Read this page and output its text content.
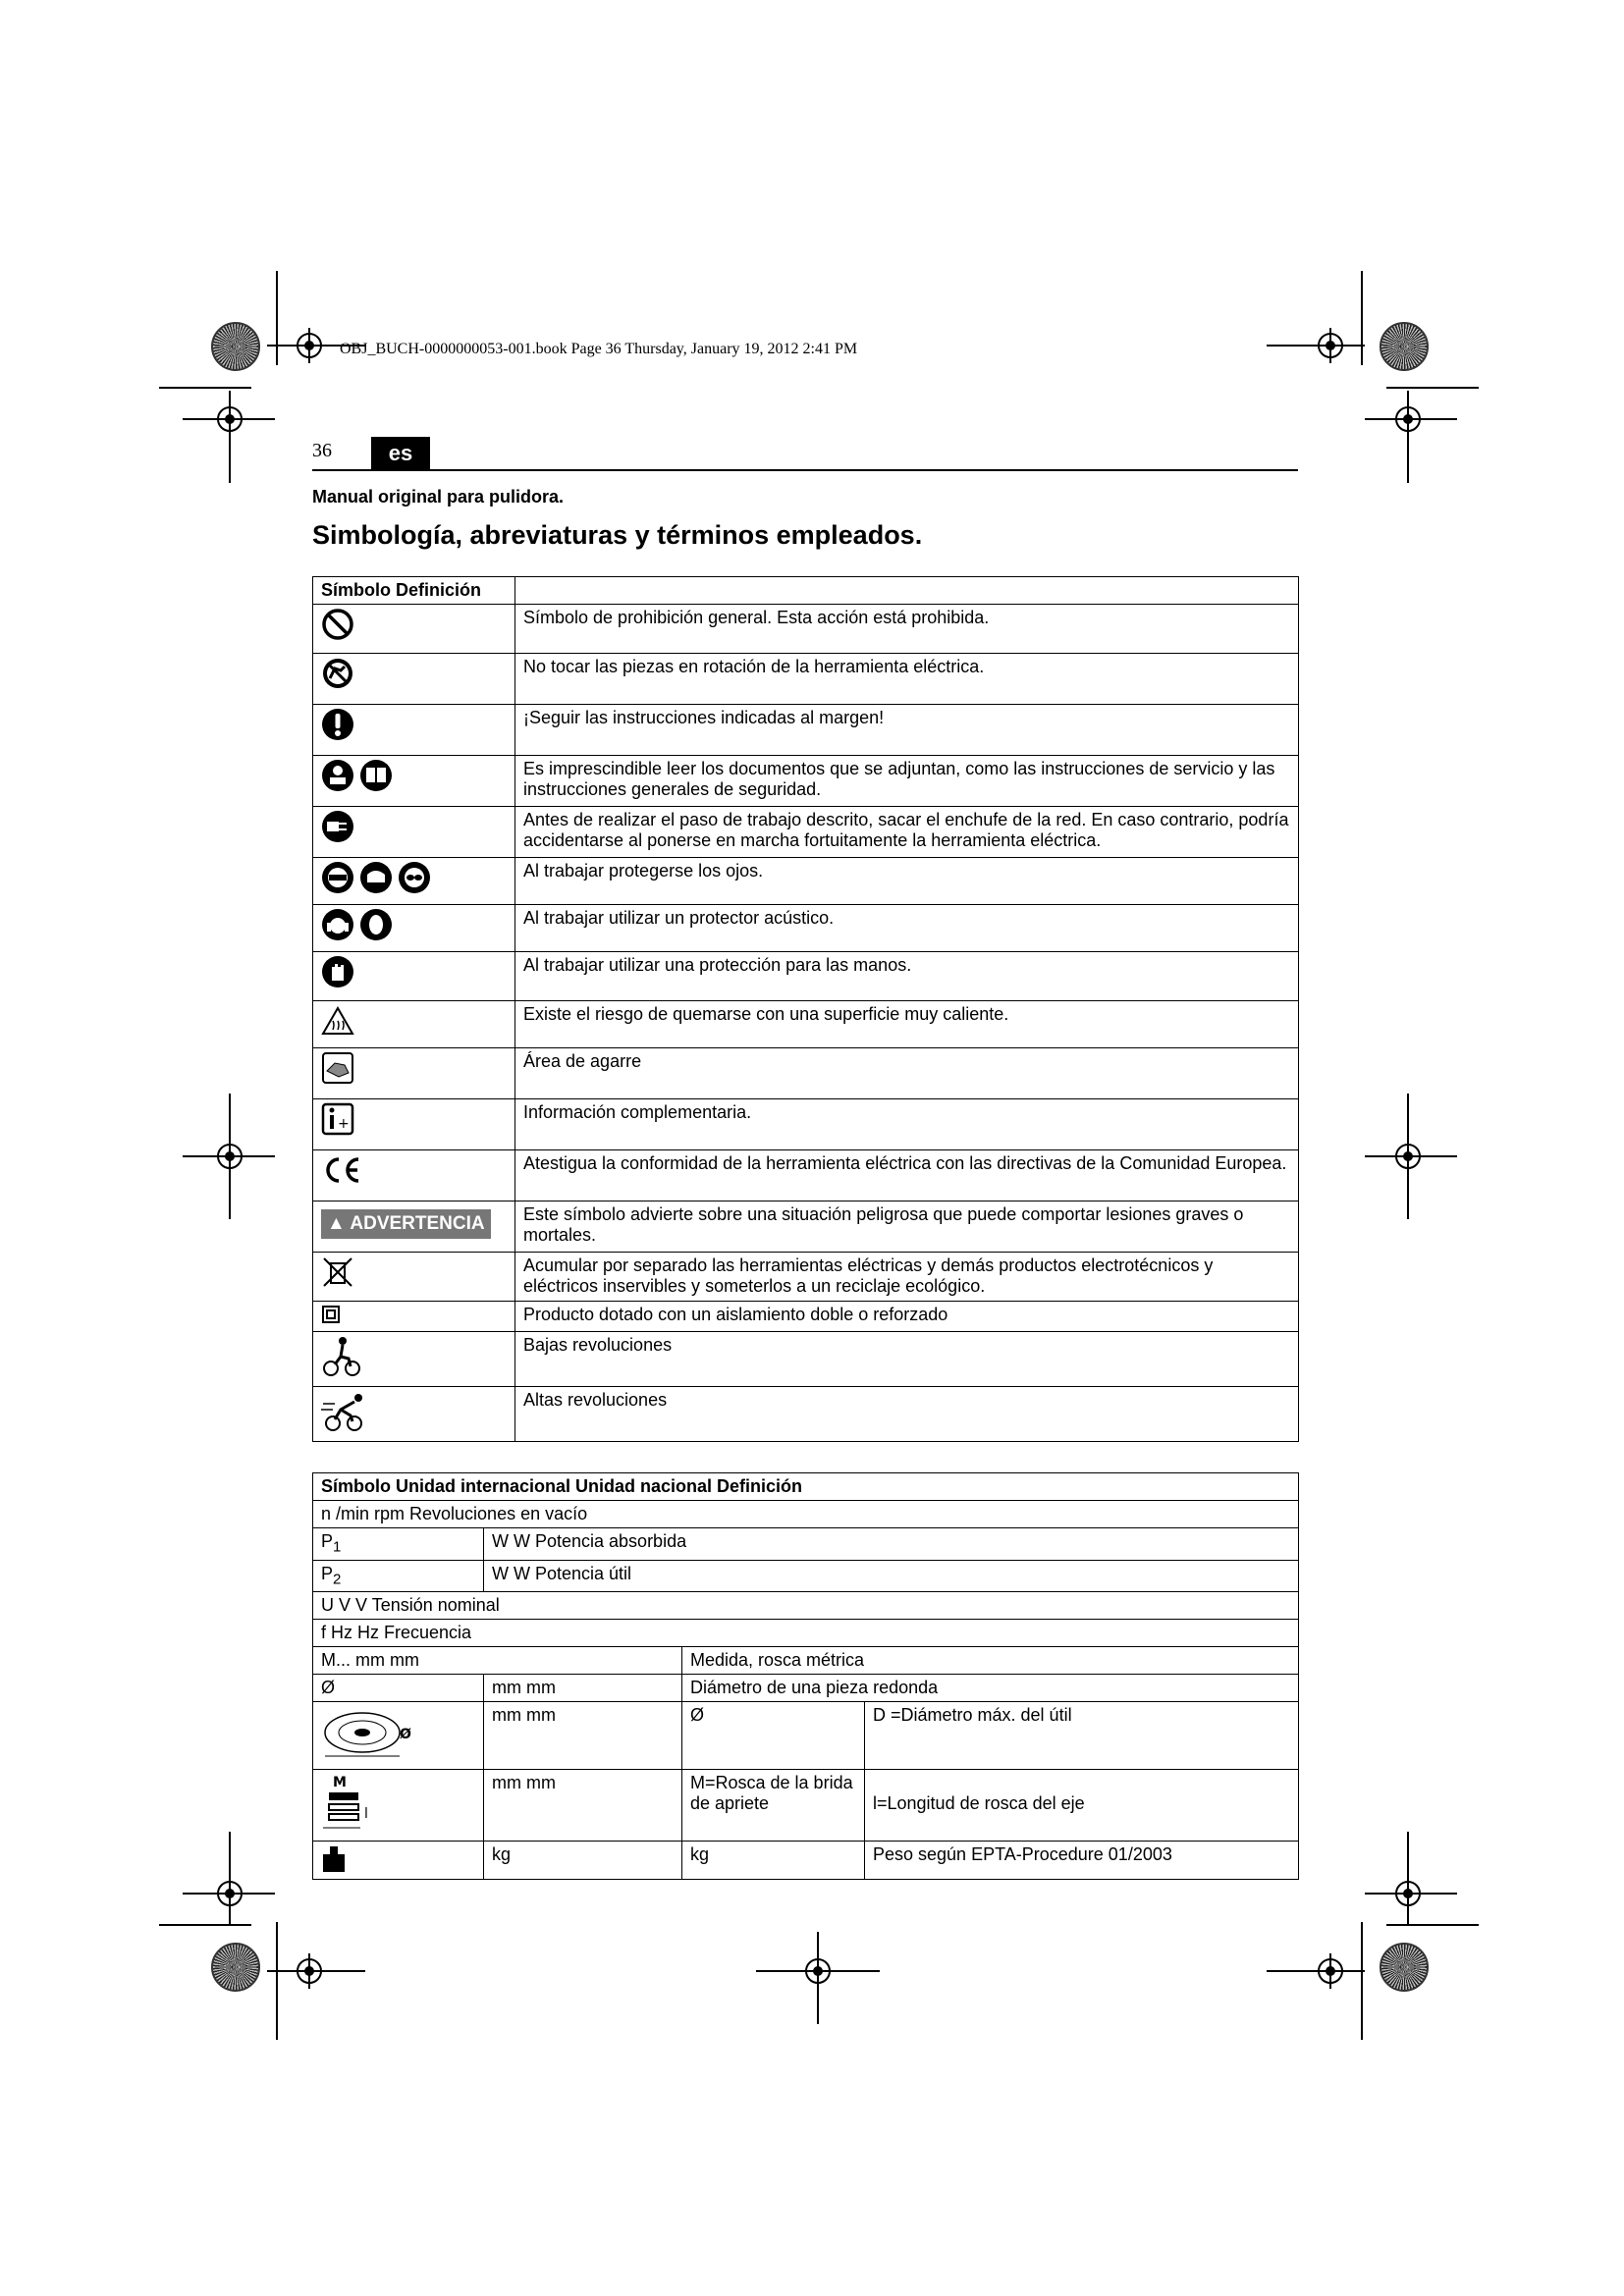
OBJ_BUCH-0000000053-001.book Page 36 Thursday, January 19, 2012 2:41 PM
36	es
Manual original para pulidora.
Simbología, abreviaturas y términos empleados.
Símbolo Definición	
	Símbolo de prohibición general. Esta acción está prohibida.
	No tocar las piezas en rotación de la herramienta eléctrica.
	¡Seguir las instrucciones indicadas al margen!
	Es imprescindible leer los documentos que se adjuntan, como las instrucciones de servicio y las instrucciones generales de seguridad.
	Antes de realizar el paso de trabajo descrito, sacar el enchufe de la red. En caso contrario, podría accidentarse al ponerse en marcha fortuitamente la herramienta eléctrica.
	Al trabajar protegerse los ojos.
	Al trabajar utilizar un protector acústico.
	Al trabajar utilizar una protección para las manos.
	Existe el riesgo de quemarse con una superficie muy caliente.
	Área de agarre

+	Información complementaria.
	Atestigua la conformidad de la herramienta eléctrica con las directivas de la Comunidad Europea.
▲ ADVERTENCIA	Este símbolo advierte sobre una situación peligrosa que puede comportar lesiones graves o mortales.
	Acumular por separado las herramientas eléctricas y demás productos electrotécnicos y eléctricos inservibles y someterlos a un reciclaje ecológico.
	Producto dotado con un aislamiento doble o reforzado
	Bajas revoluciones
	Altas revoluciones
Símbolo Unidad internacional Unidad nacional Definición			
n /min rpm Revoluciones en vacío			
$P_1$	W W Potencia absorbida		
$P_2$	W W Potencia útil		
U V V Tensión nominal			
f Hz Hz Frecuencia			
M... mm mm		Medida, rosca métrica	
Ø	mm mm	Diámetro de una pieza redonda	

Ø	mm mm	Ø	D =Diámetro máx. del útil

M
l	mm mm	M=Rosca de la brida de apriete	l=Longitud de rosca del eje
	kg	kg	Peso según EPTA-Procedure 01/2003
